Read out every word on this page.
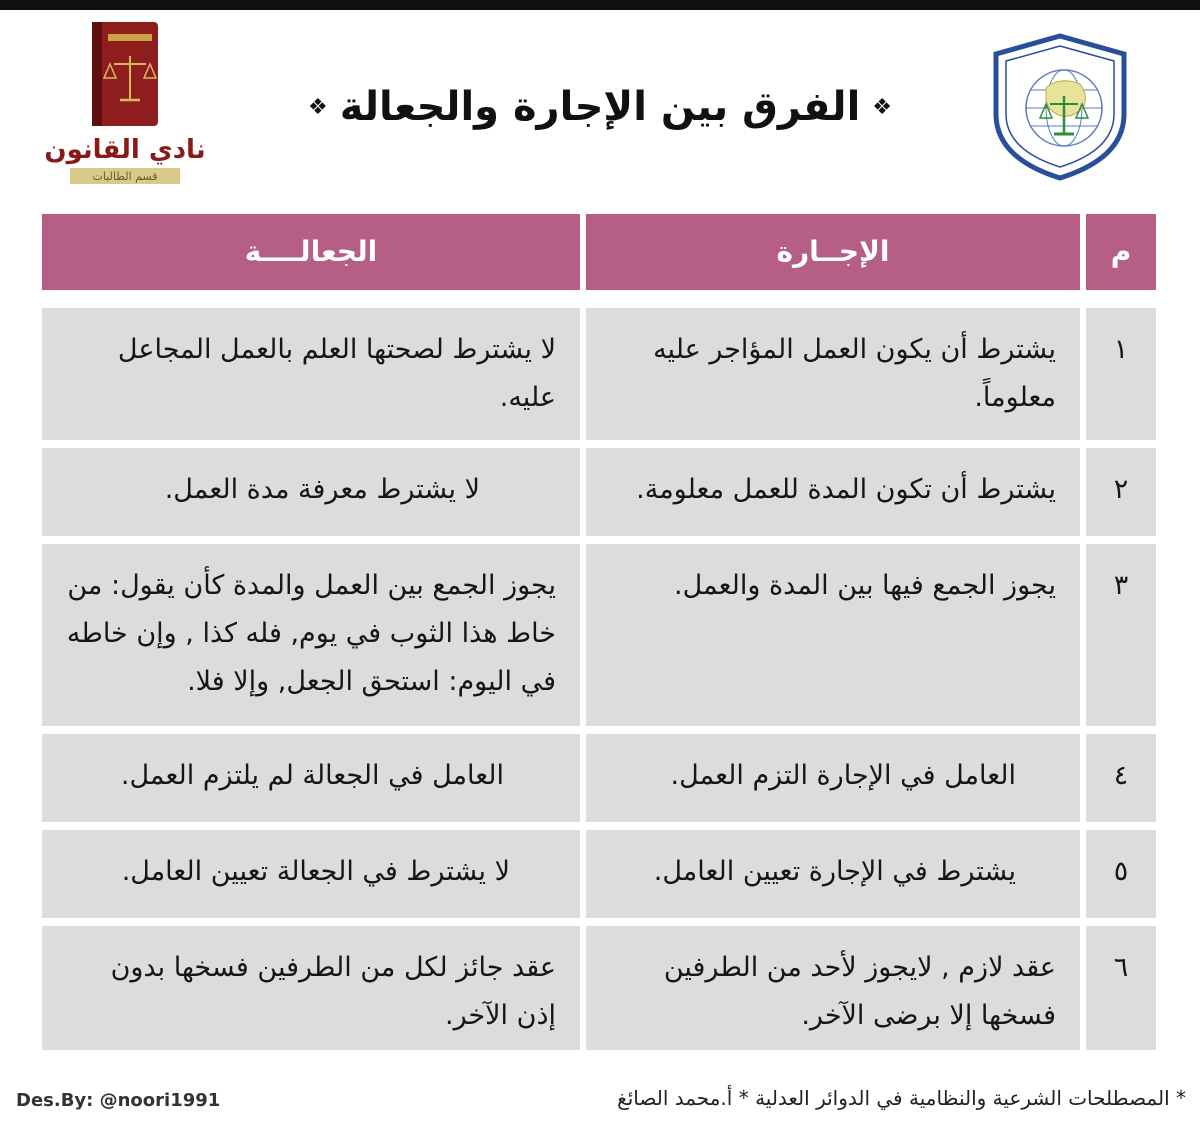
نادي القانون
قسم الطالبات
❖
الفرق بين الإجارة والجعالة
❖
م
الإجــارة
الجعالــــة
١
يشترط أن يكون العمل المؤاجر عليه معلوماً.
لا يشترط لصحتها العلم بالعمل المجاعل عليه.
٢
يشترط أن تكون المدة للعمل معلومة.
لا يشترط معرفة مدة العمل.
٣
يجوز الجمع فيها بين المدة والعمل.
يجوز الجمع بين العمل والمدة كأن يقول: من خاط هذا الثوب في يوم, فله كذا , وإن خاطه في اليوم: استحق الجعل, وإلا فلا.
٤
العامل في الإجارة التزم العمل.
العامل في الجعالة لم يلتزم العمل.
٥
يشترط في الإجارة تعيين العامل.
لا يشترط في الجعالة تعيين العامل.
٦
عقد لازم , لايجوز لأحد من الطرفين فسخها إلا برضى الآخر.
عقد جائز لكل من الطرفين فسخها بدون إذن الآخر.
Des.By: @noori1991	* المصطلحات الشرعية والنظامية في الدوائر العدلية * أ.محمد الصائغ
